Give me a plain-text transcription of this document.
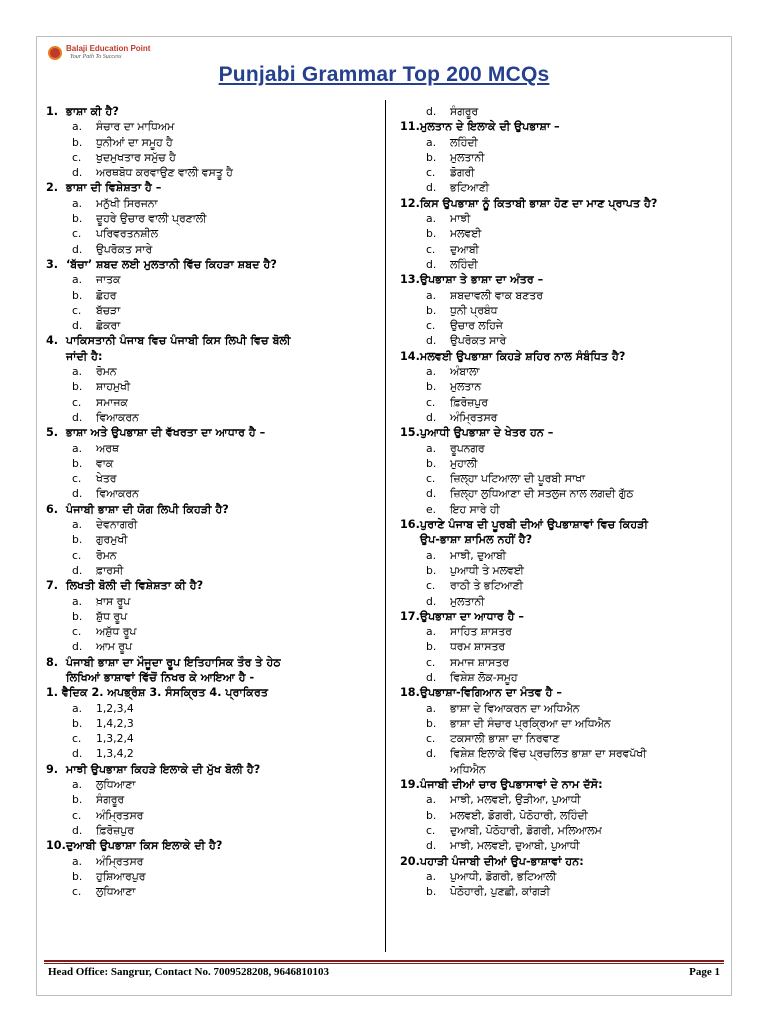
Balaji Education Point
Your Path To Success
Punjabi Grammar Top 200 MCQs
1. ਭਾਸ਼ਾ ਕੀ ਹੈ?
a. ਸੰਚਾਰ ਦਾ ਮਾਧਿਅਮ
b. ਧੁਨੀਆਂ ਦਾ ਸਮੂਹ ਹੈ
c. ਖੁਦਮੁਖਤਾਰ ਸਮੁੱਚ ਹੈ
d. ਅਰਥਬੋਧ ਕਰਵਾਉਣ ਵਾਲੀ ਵਸਤੂ ਹੈ
2. ਭਾਸ਼ਾ ਦੀ ਵਿਸ਼ੇਸ਼ਤਾ ਹੈ –
a. ਮਨੁੱਖੀ ਸਿਰਜਨਾ
b. ਦੂਹਰੇ ਉਚਾਰ ਵਾਲੀ ਪ੍ਰਣਾਲੀ
c. ਪਰਿਵਰਤਨਸ਼ੀਲ
d. ਉਪਰੋਕਤ ਸਾਰੇ
3. ‘ਬੱਚਾ’ ਸ਼ਬਦ ਲਈ ਮੁਲਤਾਨੀ ਵਿੱਚ ਕਿਹੜਾ ਸ਼ਬਦ ਹੈ?
a. ਜਾਤਕ
b. ਛੋਹਰ
c. ਬੱਚੜਾ
d. ਛੋਕਰਾ
4. ਪਾਕਿਸਤਾਨੀ ਪੰਜਾਬ ਵਿਚ ਪੰਜਾਬੀ ਕਿਸ ਲਿਪੀ ਵਿਚ ਬੋਲੀ
ਜਾਂਦੀ ਹੈ:
a. ਰੋਮਨ
b. ਸ਼ਾਹਮੁਖੀ
c. ਸਮਾਜਕ
d. ਵਿਆਕਰਨ
5. ਭਾਸ਼ਾ ਅਤੇ ਉਪਭਾਸ਼ਾ ਦੀ ਵੱਖਰਤਾ ਦਾ ਆਧਾਰ ਹੈ –
a. ਅਰਥ
b. ਵਾਕ
c. ਖੇਤਰ
d. ਵਿਆਕਰਨ
6. ਪੰਜਾਬੀ ਭਾਸ਼ਾ ਦੀ ਯੋਗ ਲਿਪੀ ਕਿਹੜੀ ਹੈ?
a. ਦੇਵਨਾਗਰੀ
b. ਗੁਰਮੁਖੀ
c. ਰੋਮਨ
d. ਫ਼ਾਰਸੀ
7. ਲਿਖਤੀ ਬੋਲੀ ਦੀ ਵਿਸ਼ੇਸ਼ਤਾ ਕੀ ਹੈ?
a. ਖ਼ਾਸ ਰੂਪ
b. ਸ਼ੁੱਧ ਰੂਪ
c. ਅਸ਼ੁੱਧ ਰੂਪ
d. ਆਮ ਰੂਪ
8. ਪੰਜਾਬੀ ਭਾਸ਼ਾ ਦਾ ਮੌਜੂਦਾ ਰੂਪ ਇਤਿਹਾਸਿਕ ਤੌਰ ਤੇ ਹੇਠ
ਲਿਖਿਆਂ ਭਾਸ਼ਾਵਾਂ ਵਿੱਚੋਂ ਨਿਖਰ ਕੇ ਆਇਆ ਹੈ -
1. ਵੈਦਿਕ 2. ਅਪਭ੍ਰੰਸ਼ 3. ਸੰਸਕ੍ਰਿਤ 4. ਪ੍ਰਾਕਿਰਤ
a. 1,2,3,4
b. 1,4,2,3
c. 1,3,2,4
d. 1,3,4,2
9. ਮਾਝੀ ਉਪਭਾਸ਼ਾ ਕਿਹੜੇ ਇਲਾਕੇ ਦੀ ਮੁੱਖ ਬੋਲੀ ਹੈ?
a. ਲੁਧਿਆਣਾ
b. ਸੰਗਰੂਰ
c. ਅੰਮ੍ਰਿਤਸਰ
d. ਫ਼ਿਰੋਜ਼ਪੁਰ
10. ਦੁਆਬੀ ਉਪਭਾਸ਼ਾ ਕਿਸ ਇਲਾਕੇ ਦੀ ਹੈ?
a. ਅੰਮ੍ਰਿਤਸਰ
b. ਹੁਸ਼ਿਆਰਪੁਰ
c. ਲੁਧਿਆਣਾ
d. ਸੰਗਰੂਰ
11. ਮੁਲਤਾਨ ਦੇ ਇਲਾਕੇ ਦੀ ਉਪਭਾਸ਼ਾ –
a. ਲਹਿੰਦੀ
b. ਮੁਲਤਾਨੀ
c. ਡੋਗਰੀ
d. ਭਟਿਆਣੀ
12. ਕਿਸ ਉਪਭਾਸ਼ਾ ਨੂੰ ਕਿਤਾਬੀ ਭਾਸ਼ਾ ਹੋਣ ਦਾ ਮਾਣ ਪ੍ਰਾਪਤ ਹੈ?
a. ਮਾਝੀ
b. ਮਲਵਈ
c. ਦੁਆਬੀ
d. ਲਹਿੰਦੀ
13. ਉਪਭਾਸ਼ਾ ਤੇ ਭਾਸ਼ਾ ਦਾ ਅੰਤਰ –
a. ਸ਼ਬਦਾਵਲੀ ਵਾਕ ਬਣਤਰ
b. ਧੁਨੀ ਪ੍ਰਬੰਧ
c. ਉਚਾਰ ਲਹਿਜੇ
d. ਉਪਰੋਕਤ ਸਾਰੇ
14. ਮਲਵਈ ਉਪਭਾਸ਼ਾ ਕਿਹੜੇ ਸ਼ਹਿਰ ਨਾਲ ਸੰਬੰਧਿਤ ਹੈ?
a. ਅੰਬਾਲਾ
b. ਮੁਲਤਾਨ
c. ਫ਼ਿਰੋਜ਼ਪੁਰ
d. ਅੰਮ੍ਰਿਤਸਰ
15. ਪੁਆਧੀ ਉਪਭਾਸ਼ਾ ਦੇ ਖੇਤਰ ਹਨ –
a. ਰੂਪਨਗਰ
b. ਮੁਹਾਲੀ
c. ਜ਼ਿਲ੍ਹਾ ਪਟਿਆਲਾ ਦੀ ਪੂਰਬੀ ਸਾਖਾ
d. ਜ਼ਿਲ੍ਹਾ ਲੁਧਿਆਣਾ ਦੀ ਸਤਲੁਜ ਨਾਲ ਲਗਦੀ ਗੁੱਠ
e. ਇਹ ਸਾਰੇ ਹੀ
16. ਪੁਰਾਣੇ ਪੰਜਾਬ ਦੀ ਪੂਰਬੀ ਦੀਆਂ ਉਪਭਾਸ਼ਾਵਾਂ ਵਿਚ ਕਿਹੜੀ
ਉਪ-ਭਾਸ਼ਾ ਸ਼ਾਮਿਲ ਨਹੀਂ ਹੈ?
a. ਮਾਝੀ, ਦੁਆਬੀ
b. ਪੁਆਧੀ ਤੇ ਮਲਵਈ
c. ਰਾਠੀ ਤੇ ਭਟਿਆਣੀ
d. ਮੁਲਤਾਨੀ
17. ਉਪਭਾਸ਼ਾ ਦਾ ਆਧਾਰ ਹੈ –
a. ਸਾਹਿਤ ਸ਼ਾਸਤਰ
b. ਧਰਮ ਸ਼ਾਸਤਰ
c. ਸਮਾਜ ਸ਼ਾਸਤਰ
d. ਵਿਸ਼ੇਸ਼ ਲੋਕ-ਸਮੂਹ
18. ਉਪਭਾਸ਼ਾ-ਵਿਗਿਆਨ ਦਾ ਮੰਤਵ ਹੈ –
a. ਭਾਸ਼ਾ ਦੇ ਵਿਆਕਰਨ ਦਾ ਅਧਿਐਨ
b. ਭਾਸ਼ਾ ਦੀ ਸੰਚਾਰ ਪ੍ਰਕ੍ਰਿਆ ਦਾ ਅਧਿਐਨ
c. ਟਕਸਾਲੀ ਭਾਸ਼ਾ ਦਾ ਨਿਰਵਾਣ
d. ਵਿਸ਼ੇਸ਼ ਇਲਾਕੇ ਵਿੱਚ ਪ੍ਰਚਲਿਤ ਭਾਸ਼ਾ ਦਾ ਸਰਵਪੱਖੀ
ਅਧਿਐਨ
19. ਪੰਜਾਬੀ ਦੀਆਂ ਚਾਰ ਉਪਭਾਸਾਵਾਂ ਦੇ ਨਾਮ ਦੱਸੋ:
a. ਮਾਝੀ, ਮਲਵਈ, ਉੜੀਆ, ਪੁਆਧੀ
b. ਮਲਵਈ, ਡੋਗਰੀ, ਪੋਠੋਹਾਰੀ, ਲਹਿੰਦੀ
c. ਦੁਆਬੀ, ਪੋਠੋਹਾਰੀ, ਡੋਗਰੀ, ਮਲਿਆਲਮ
d. ਮਾਝੀ, ਮਲਵਈ, ਦੁਆਬੀ, ਪੁਆਧੀ
20. ਪਹਾੜੀ ਪੰਜਾਬੀ ਦੀਆਂ ਉਪ-ਭਾਸ਼ਾਵਾਂ ਹਨ:
a. ਪੁਆਧੀ, ਡੋਗਰੀ, ਭਟਿਆਲੀ
b. ਪੋਠੋਹਾਰੀ, ਪੁਣਛੀ, ਕਾਂਗੜੀ
Head Office: Sangrur, Contact No. 7009528208, 9646810103	Page 1
